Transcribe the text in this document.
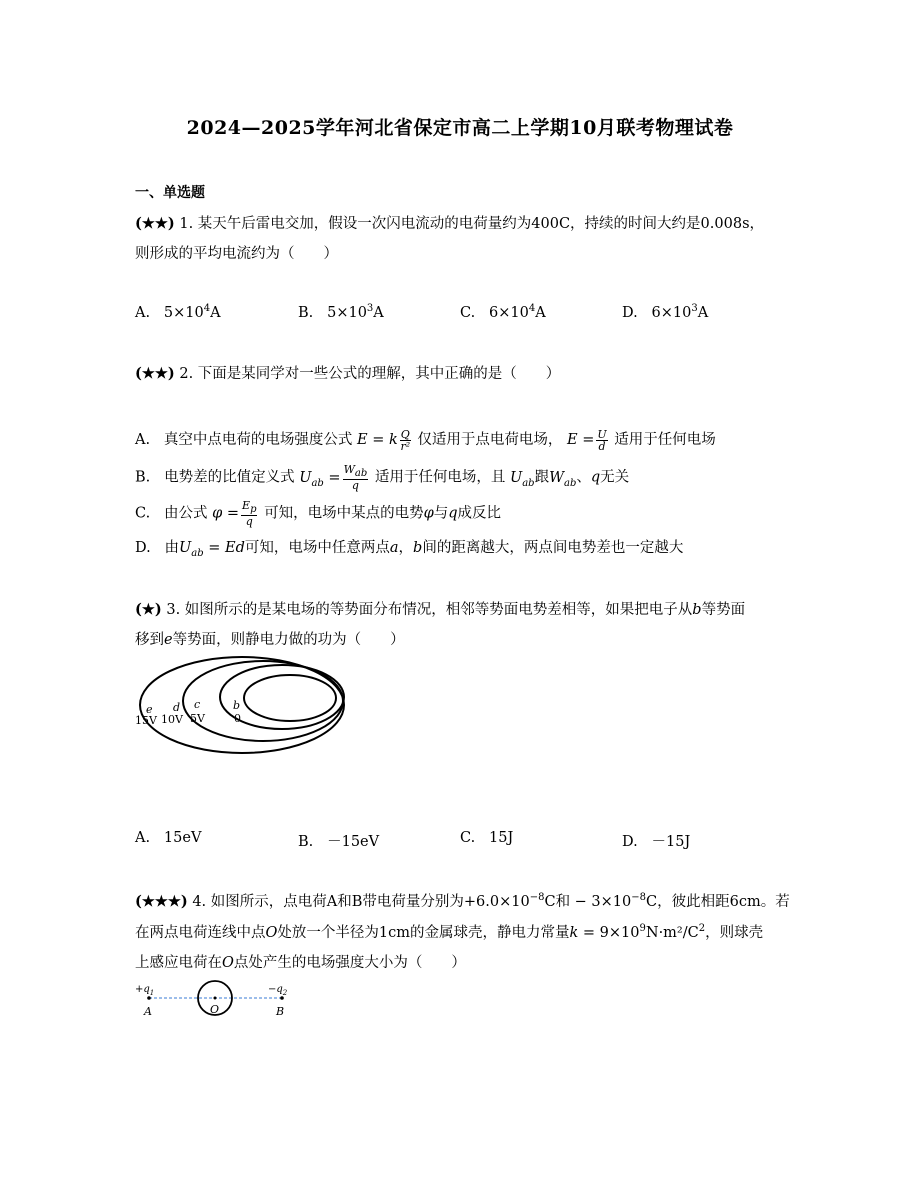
2024—2025学年河北省保定市高二上学期10月联考物理试卷
一、单选题
(★★) 1. 某天午后雷电交加，假设一次闪电流动的电荷量约为400C，持续的时间大约是0.008s，
则形成的平均电流约为（　　）
A. $5\times 10^4A$	B. $5\times 10^3A$	C. $6\times 10^4A$	D. $6\times 10^3A$
(★★) 2. 下面是某同学对一些公式的理解，其中正确的是（　　）
A. 真空中点电荷的电场强度公式 E = k $\frac{Q}{\text{r²}}$ 仅适用于点电荷电场， $E = \frac{U}{d}$ 适用于任何电场
B. 电势差的比值定义式 $U_{ab} = \frac{W_{ab}}{q}$ 适用于任何电场，且 $U_{ab}$跟$W_{ab}$、q无关
C. 由公式 $\varphi = \frac{E_p}{q}$ 可知，电场中某点的电势φ与q成反比
D. 由$U_{ab} = Ed$可知，电场中任意两点a，b间的距离越大，两点间电势差也一定越大
(★) 3. 如图所示的是某电场的等势面分布情况，相邻等势面电势差相等，如果把电子从b等势面
移到e等势面，则静电力做的功为（　　）
e d c	b
15V 10V 5V	0
A. 15eV	B. －15eV	C. 15J	D. －15J
(★★★) 4. 如图所示，点电荷A和B带电荷量分别为$+6.0\times 10^{-8}C$和 − $3\times 10^{-8}C$，彼此相距6cm。若
在两点电荷连线中点O处放一个半径为1cm的金属球壳，静电力常量$k = 9\times 10^9N\cdot m^2/C^2$，则球壳
上感应电荷在O点处产生的电场强度大小为（　　）
$+q_1$	$-q_2$
A	O	B
